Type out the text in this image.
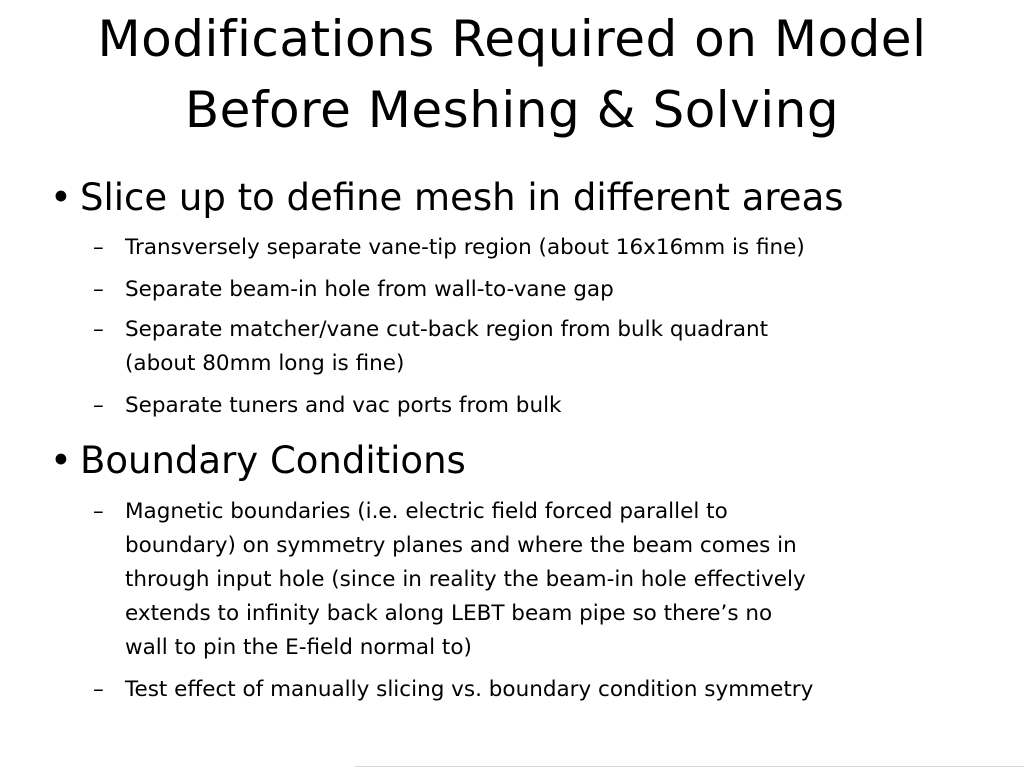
Modifications Required on Model
Before Meshing & Solving
• Slice up to define mesh in different areas
– Transversely separate vane-tip region (about 16x16mm is fine)
– Separate beam-in hole from wall-to-vane gap
– Separate matcher/vane cut-back region from bulk quadrant
(about 80mm long is fine)
– Separate tuners and vac ports from bulk
• Boundary Conditions
– Magnetic boundaries (i.e. electric field forced parallel to
boundary) on symmetry planes and where the beam comes in
through input hole (since in reality the beam-in hole effectively
extends to infinity back along LEBT beam pipe so there’s no
wall to pin the E-field normal to)
– Test effect of manually slicing vs. boundary condition symmetry
